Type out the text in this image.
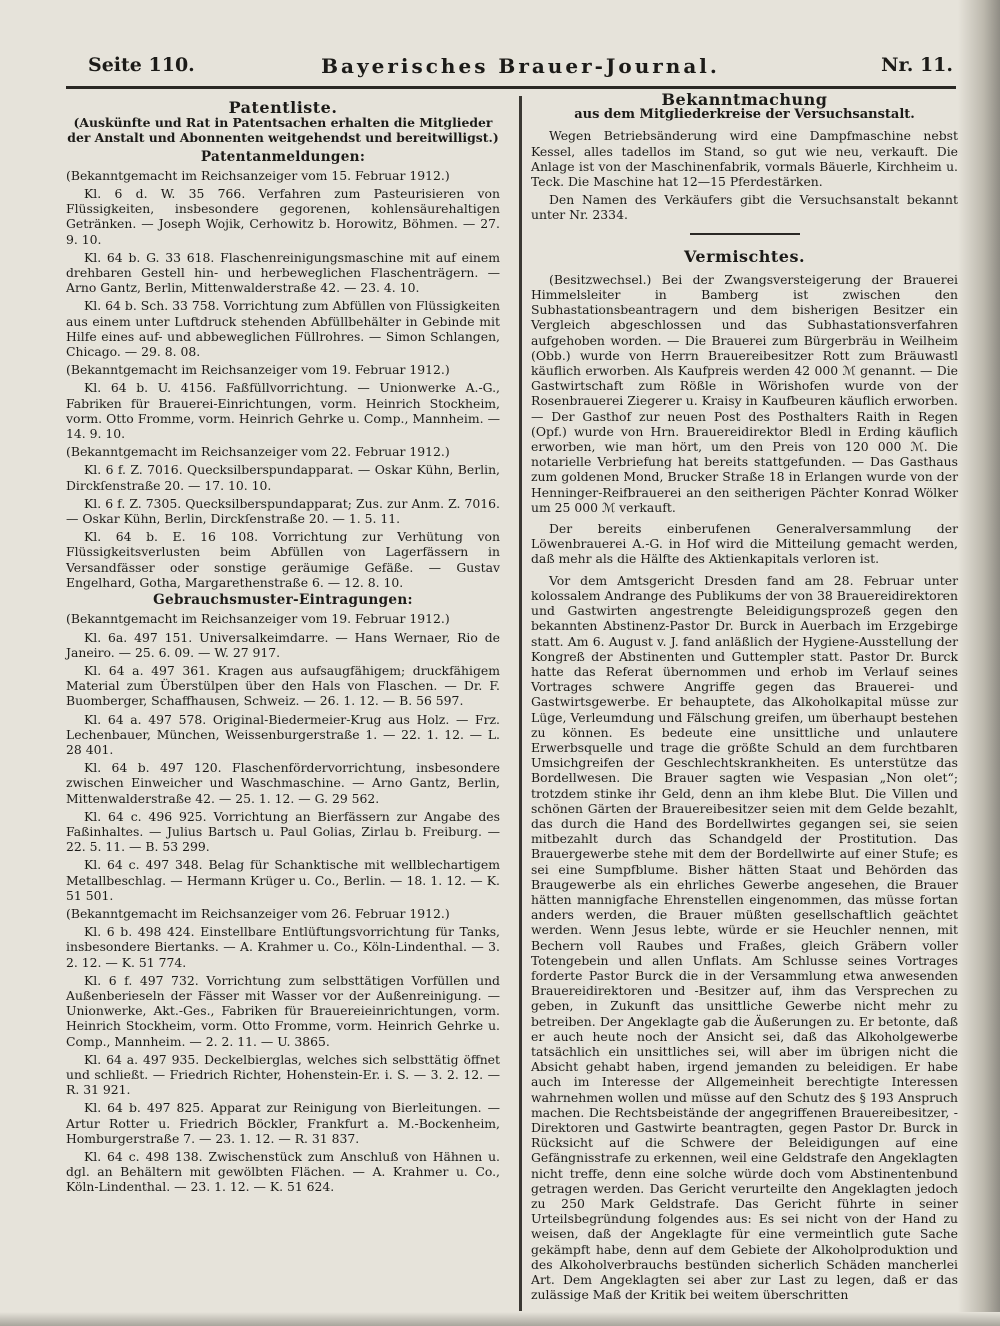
Seite 110.	Bayerisches Brauer-Journal.	Nr. 11.
Patentliste.
(Auskünfte und Rat in Patentsachen erhalten die Mitglieder der Anstalt und Abonnenten weitgehendst und bereitwilligst.)
Patentanmeldungen:

(Bekanntgemacht im Reichsanzeiger vom 15. Februar 1912.)

Kl. 6 d. W. 35 766. Verfahren zum Pasteurisieren von Flüssigkeiten, insbesondere gegorenen, kohlensäurehaltigen Getränken. — Joseph Wojik, Cerhowitz b. Horowitz, Böhmen. — 27. 9. 10.

Kl. 64 b. G. 33 618. Flaschenreinigungsmaschine mit auf einem drehbaren Gestell hin- und herbeweglichen Flaschenträgern. — Arno Gantz, Berlin, Mittenwalderstraße 42. — 23. 4. 10.

Kl. 64 b. Sch. 33 758. Vorrichtung zum Abfüllen von Flüssigkeiten aus einem unter Luftdruck stehenden Abfüllbehälter in Gebinde mit Hilfe eines auf- und abbeweglichen Füllrohres. — Simon Schlangen, Chicago. — 29. 8. 08.

(Bekanntgemacht im Reichsanzeiger vom 19. Februar 1912.)

Kl. 64 b. U. 4156. Faßfüllvorrichtung. — Unionwerke A.-G., Fabriken für Brauerei-Einrichtungen, vorm. Heinrich Stockheim, vorm. Otto Fromme, vorm. Heinrich Gehrke u. Comp., Mannheim. — 14. 9. 10.

(Bekanntgemacht im Reichsanzeiger vom 22. Februar 1912.)

Kl. 6 f. Z. 7016. Quecksilberspundapparat. — Oskar Kühn, Berlin, Dirckſenstraße 20. — 17. 10. 10.

Kl. 6 f. Z. 7305. Quecksilberspundapparat; Zus. zur Anm. Z. 7016. — Oskar Kühn, Berlin, Dirckſenstraße 20. — 1. 5. 11.

Kl. 64 b. E. 16 108. Vorrichtung zur Verhütung von Flüssigkeitsverlusten beim Abfüllen von Lagerfässern in Versandfässer oder sonstige geräumige Gefäße. — Gustav Engelhard, Gotha, Margarethenstraße 6. — 12. 8. 10.

Gebrauchsmuster-Eintragungen:

(Bekanntgemacht im Reichsanzeiger vom 19. Februar 1912.)

Kl. 6a. 497 151. Universalkeimdarre. — Hans Wernaer, Rio de Janeiro. — 25. 6. 09. — W. 27 917.

Kl. 64 a. 497 361. Kragen aus aufsaugfähigem; druckfähigem Material zum Überstülpen über den Hals von Flaschen. — Dr. F. Buomberger, Schaffhausen, Schweiz. — 26. 1. 12. — B. 56 597.

Kl. 64 a. 497 578. Original-Biedermeier-Krug aus Holz. — Frz. Lechenbauer, München, Weissenburgerstraße 1. — 22. 1. 12. — L. 28 401.

Kl. 64 b. 497 120. Flaschenfördervorrichtung, insbesondere zwischen Einweicher und Waschmaschine. — Arno Gantz, Berlin, Mittenwalderstraße 42. — 25. 1. 12. — G. 29 562.

Kl. 64 c. 496 925. Vorrichtung an Bierfässern zur Angabe des Faßinhaltes. — Julius Bartsch u. Paul Golias, Zirlau b. Freiburg. — 22. 5. 11. — B. 53 299.

Kl. 64 c. 497 348. Belag für Schanktische mit wellblechartigem Metallbeschlag. — Hermann Krüger u. Co., Berlin. — 18. 1. 12. — K. 51 501.

(Bekanntgemacht im Reichsanzeiger vom 26. Februar 1912.)

Kl. 6 b. 498 424. Einstellbare Entlüftungsvorrichtung für Tanks, insbesondere Biertanks. — A. Krahmer u. Co., Köln-Lindenthal. — 3. 2. 12. — K. 51 774.

Kl. 6 f. 497 732. Vorrichtung zum selbsttätigen Vorfüllen und Außenberieseln der Fässer mit Wasser vor der Außenreinigung. — Unionwerke, Akt.-Ges., Fabriken für Brauereieinrichtungen, vorm. Heinrich Stockheim, vorm. Otto Fromme, vorm. Heinrich Gehrke u. Comp., Mannheim. — 2. 2. 11. — U. 3865.

Kl. 64 a. 497 935. Deckelbierglas, welches sich selbsttätig öffnet und schließt. — Friedrich Richter, Hohenstein-Er. i. S. — 3. 2. 12. — R. 31 921.

Kl. 64 b. 497 825. Apparat zur Reinigung von Bierleitungen. — Artur Rotter u. Friedrich Böckler, Frankfurt a. M.-Bockenheim, Homburgerstraße 7. — 23. 1. 12. — R. 31 837.

Kl. 64 c. 498 138. Zwischenstück zum Anschluß von Hähnen u. dgl. an Behältern mit gewölbten Flächen. — A. Krahmer u. Co., Köln-Lindenthal. — 23. 1. 12. — K. 51 624.

Bekanntmachung
aus dem Mitgliederkreise der Versuchsanstalt.

Wegen Betriebsänderung wird eine Dampfmaschine nebst Kessel, alles tadellos im Stand, so gut wie neu, verkauft. Die Anlage ist von der Maschinenfabrik, vormals Bäuerle, Kirchheim u. Teck. Die Maschine hat 12—15 Pferdestärken.

Den Namen des Verkäufers gibt die Versuchsanstalt bekannt unter Nr. 2334.

Vermischtes.

(Besitzwechsel.) Bei der Zwangsversteigerung der Brauerei Himmelsleiter in Bamberg ist zwischen den Subhastationsbeantragern und dem bisherigen Besitzer ein Vergleich abgeschlossen und das Subhastationsverfahren aufgehoben worden. — Die Brauerei zum Bürgerbräu in Weilheim (Obb.) wurde von Herrn Brauereibesitzer Rott zum Bräuwastl käuflich erworben. Als Kaufpreis werden 42 000 ℳ genannt. — Die Gastwirtschaft zum Rößle in Wörishofen wurde von der Rosenbrauerei Ziegerer u. Kraisy in Kaufbeuren käuflich erworben. — Der Gasthof zur neuen Post des Posthalters Raith in Regen (Opf.) wurde von Hrn. Brauereidirektor Bledl in Erding käuflich erworben, wie man hört, um den Preis von 120 000 ℳ. Die notarielle Verbriefung hat bereits stattgefunden. — Das Gasthaus zum goldenen Mond, Brucker Straße 18 in Erlangen wurde von der Henninger-Reifbrauerei an den seitherigen Pächter Konrad Wölker um 25 000 ℳ verkauft.

Der bereits einberufenen Generalversammlung der Löwenbrauerei A.-G. in Hof wird die Mitteilung gemacht werden, daß mehr als die Hälfte des Aktienkapitals verloren ist.

Vor dem Amtsgericht Dresden fand am 28. Februar unter kolossalem Andrange des Publikums der von 38 Brauereidirektoren und Gastwirten angestrengte Beleidigungsprozeß gegen den bekannten Abstinenz-Pastor Dr. Burck in Auerbach im Erzgebirge statt. Am 6. August v. J. fand anläßlich der Hygiene-Ausstellung der Kongreß der Abstinenten und Guttempler statt. Pastor Dr. Burck hatte das Referat übernommen und erhob im Verlauf seines Vortrages schwere Angriffe gegen das Brauerei- und Gastwirtsgewerbe. Er behauptete, das Alkoholkapital müsse zur Lüge, Verleumdung und Fälschung greifen, um überhaupt bestehen zu können. Es bedeute eine unsittliche und unlautere Erwerbsquelle und trage die größte Schuld an dem furchtbaren Umsichgreifen der Geschlechtskrankheiten. Es unterstütze das Bordellwesen. Die Brauer sagten wie Vespasian „Non olet“; trotzdem stinke ihr Geld, denn an ihm klebe Blut. Die Villen und schönen Gärten der Brauereibesitzer seien mit dem Gelde bezahlt, das durch die Hand des Bordellwirtes gegangen sei, sie seien mitbezahlt durch das Schandgeld der Prostitution. Das Brauergewerbe stehe mit dem der Bordellwirte auf einer Stufe; es sei eine Sumpfblume. Bisher hätten Staat und Behörden das Braugewerbe als ein ehrliches Gewerbe angesehen, die Brauer hätten mannigfache Ehrenstellen eingenommen, das müsse fortan anders werden, die Brauer müßten gesellschaftlich geächtet werden. Wenn Jesus lebte, würde er sie Heuchler nennen, mit Bechern voll Raubes und Fraßes, gleich Gräbern voller Totengebein und allen Unflats. Am Schlusse seines Vortrages forderte Pastor Burck die in der Versammlung etwa anwesenden Brauereidirektoren und -Besitzer auf, ihm das Versprechen zu geben, in Zukunft das unsittliche Gewerbe nicht mehr zu betreiben. Der Angeklagte gab die Äußerungen zu. Er betonte, daß er auch heute noch der Ansicht sei, daß das Alkoholgewerbe tatsächlich ein unsittliches sei, will aber im übrigen nicht die Absicht gehabt haben, irgend jemanden zu beleidigen. Er habe auch im Interesse der Allgemeinheit berechtigte Interessen wahrnehmen wollen und müsse auf den Schutz des § 193 Anspruch machen. Die Rechtsbeistände der angegriffenen Brauereibesitzer, -Direktoren und Gastwirte beantragten, gegen Pastor Dr. Burck in Rücksicht auf die Schwere der Beleidigungen auf eine Gefängnisstrafe zu erkennen, weil eine Geldstrafe den Angeklagten nicht treffe, denn eine solche würde doch vom Abstinentenbund getragen werden. Das Gericht verurteilte den Angeklagten jedoch zu 250 Mark Geldstrafe. Das Gericht führte in seiner Urteilsbegründung folgendes aus: Es sei nicht von der Hand zu weisen, daß der Angeklagte für eine vermeintlich gute Sache gekämpft habe, denn auf dem Gebiete der Alkoholproduktion und des Alkoholverbrauchs bestünden sicherlich Schäden mancherlei Art. Dem Angeklagten sei aber zur Last zu legen, daß er das zulässige Maß der Kritik bei weitem überschritten
